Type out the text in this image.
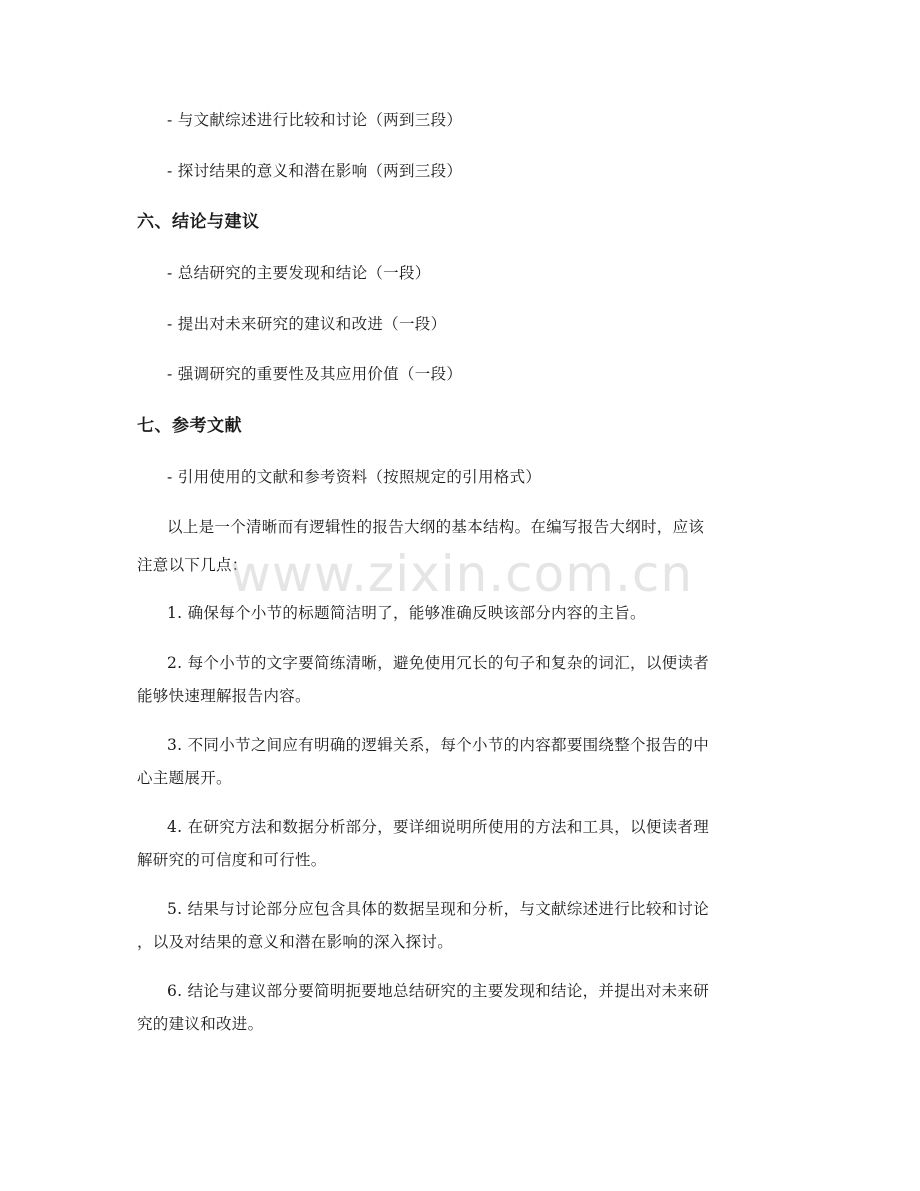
- 与文献综述进行比较和讨论（两到三段）
- 探讨结果的意义和潜在影响（两到三段）
六、结论与建议
- 总结研究的主要发现和结论（一段）
- 提出对未来研究的建议和改进（一段）
- 强调研究的重要性及其应用价值（一段）
七、参考文献
- 引用使用的文献和参考资料（按照规定的引用格式）
以上是一个清晰而有逻辑性的报告大纲的基本结构。在编写报告大纲时，应该
注意以下几点：
1. 确保每个小节的标题简洁明了，能够准确反映该部分内容的主旨。
2. 每个小节的文字要简练清晰，避免使用冗长的句子和复杂的词汇，以便读者
能够快速理解报告内容。
3. 不同小节之间应有明确的逻辑关系，每个小节的内容都要围绕整个报告的中
心主题展开。
4. 在研究方法和数据分析部分，要详细说明所使用的方法和工具，以便读者理
解研究的可信度和可行性。
5. 结果与讨论部分应包含具体的数据呈现和分析，与文献综述进行比较和讨论
，以及对结果的意义和潜在影响的深入探讨。
6. 结论与建议部分要简明扼要地总结研究的主要发现和结论，并提出对未来研
究的建议和改进。
www.zixin.com.cn
